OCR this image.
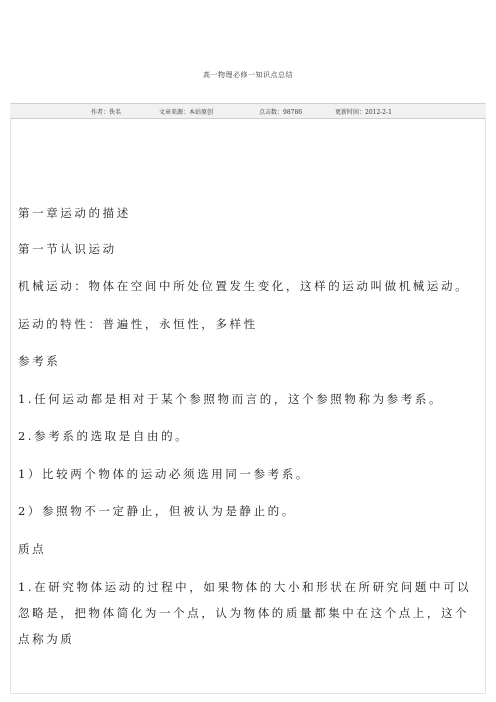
高一物理必修一知识点总结
作者：佚名	文章来源：本站原创	点击数：98786	更新时间：2012-2-1
第一章运动的描述
第一节认识运动
机械运动：物体在空间中所处位置发生变化，这样的运动叫做机械运动。
运动的特性：普遍性，永恒性，多样性
参考系
1.任何运动都是相对于某个参照物而言的，这个参照物称为参考系。
2.参考系的选取是自由的。
1）比较两个物体的运动必须选用同一参考系。
2）参照物不一定静止，但被认为是静止的。
质点
1.在研究物体运动的过程中，如果物体的大小和形状在所研究问题中可以忽略是，把物体简化为一个点，认为物体的质量都集中在这个点上，这个点称为质
